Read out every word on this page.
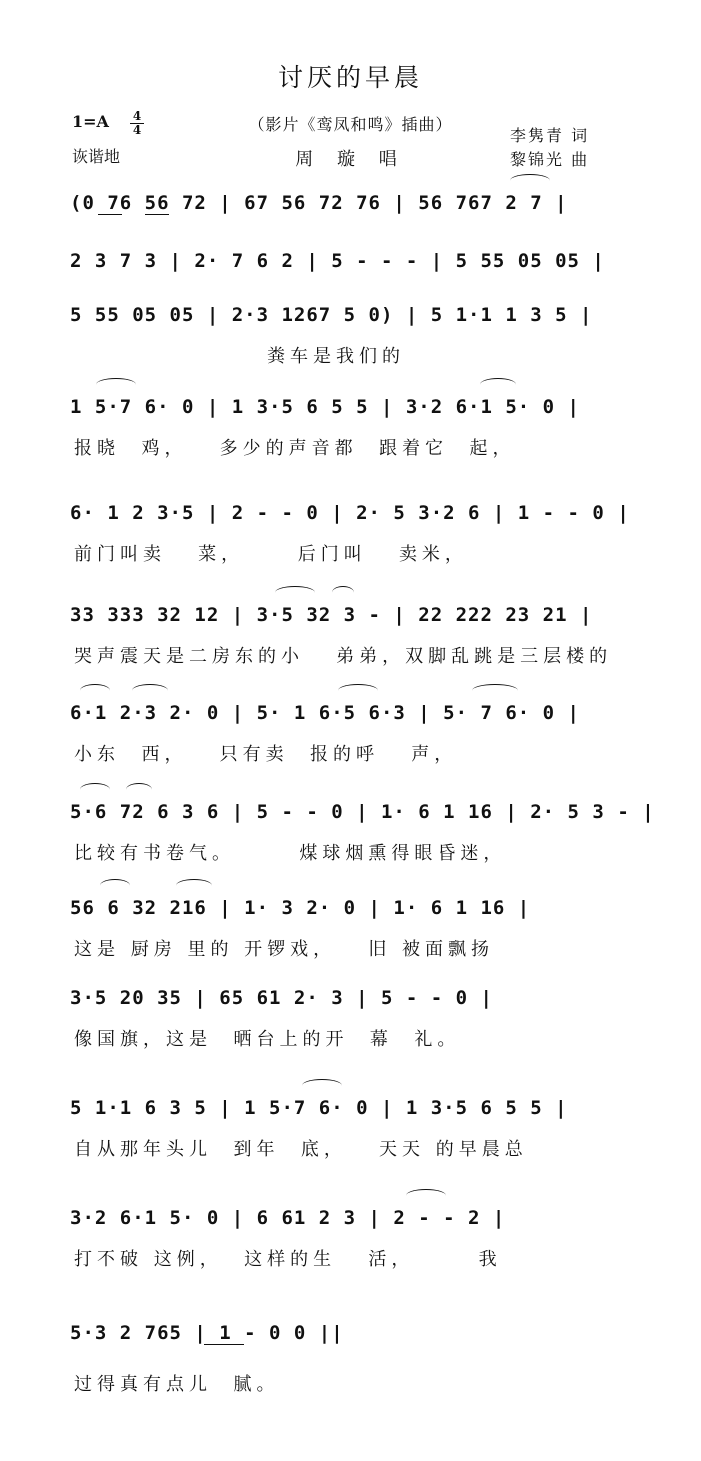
讨厌的早晨
1=A 4
4
诙谐地
（影片《鸾凤和鸣》插曲）
周 璇 唱
李隽青 词
黎锦光 曲
(0 76 56 72 | 67 56 72 76 | 56 767 2 7 |
2 3 7 3 | 2· 7 6 2 | 5 - - - | 5 55 05 05 |
5 55 05 05 | 2·3 1267 5 0) | 5 1·1 1 3 5 |
粪车是我们的
1 5·7 6· 0 | 1 3·5 6 5 5 | 3·2 6·1 5· 0 |
报晓  鸡，   多少的声音都  跟着它  起，
6· 1 2 3·5 | 2 - - 0 | 2· 5 3·2 6 | 1 - - 0 |
前门叫卖   菜，     后门叫   卖米，
33 333 32 12 | 3·5 32 3 - | 22 222 23 21 |
哭声震天是二房东的小   弟弟，双脚乱跳是三层楼的
6·1 2·3 2· 0 | 5· 1 6·5 6·3 | 5· 7 6· 0 |
小东  西，   只有卖  报的呼   声，
5·6 72 6 3 6 | 5 - - 0 | 1· 6 1 16 | 2· 5 3 - |
比较有书卷气。      煤球烟熏得眼昏迷，
56 6 32 216 | 1· 3 2· 0 | 1· 6 1 16 |
这是 厨房 里的 开锣戏，   旧 被面飘扬
3·5 20 35 | 65 61 2· 3 | 5 - - 0 |
像国旗，这是  晒台上的开  幕  礼。
5 1·1 6 3 5 | 1 5·7 6· 0 | 1 3·5 6 5 5 |
自从那年头儿  到年  底，   天天 的早晨总
3·2 6·1 5· 0 | 6 61 2 3 | 2 - - 2 |
打不破 这例，  这样的生   活，      我
5·3 2 765 | 1 - 0 0 ||
过得真有点儿  腻。
